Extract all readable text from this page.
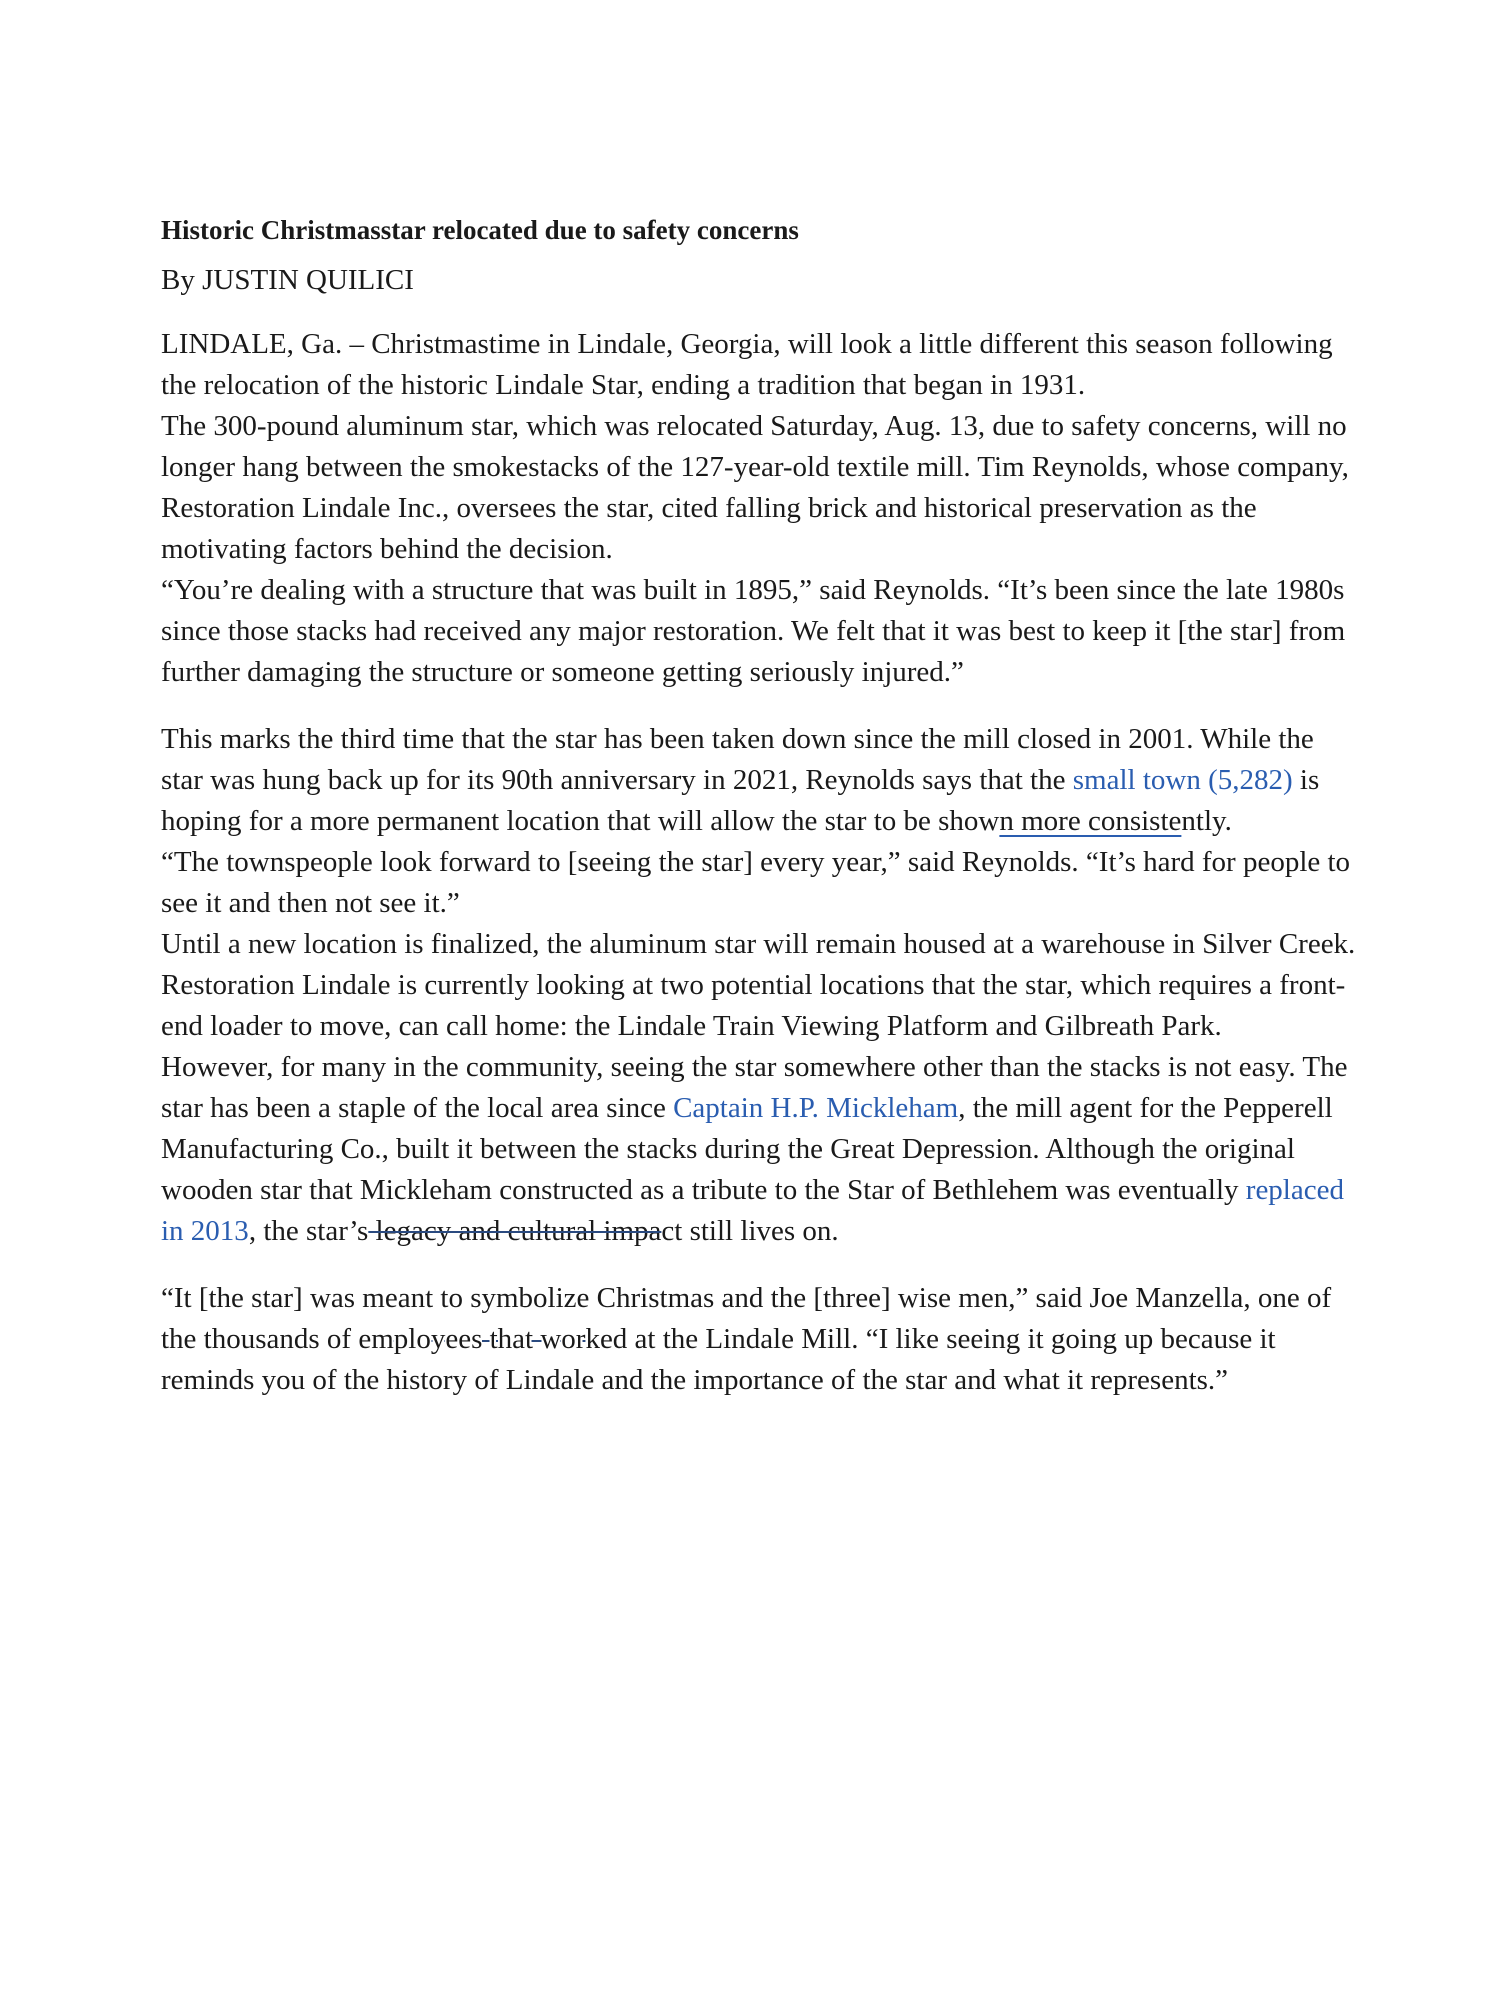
Historic Christmasstar relocated due to safety concerns
By JUSTIN QUILICI

LINDALE, Ga. – Christmastime in Lindale, Georgia, will look a little different this season following the relocation of the historic Lindale Star, ending a tradition that began in 1931.

The 300-pound aluminum star, which was relocated Saturday, Aug. 13, due to safety concerns, will no longer hang between the smokestacks of the 127-year-old textile mill. Tim Reynolds, whose company, Restoration Lindale Inc., oversees the star, cited falling brick and historical preservation as the motivating factors behind the decision.

“You’re dealing with a structure that was built in 1895,” said Reynolds. “It’s been since the late 1980s since those stacks had received any major restoration. We felt that it was best to keep it [the star] from further damaging the structure or someone getting seriously injured.”

This marks the third time that the star has been taken down since the mill closed in 2001. While the star was hung back up for its 90th anniversary in 2021, Reynolds says that the small town (5,282) is hoping for a more permanent location that will allow the star to be shown more consistently.

“The townspeople look forward to [seeing the star] every year,” said Reynolds. “It’s hard for people to see it and then not see it.”

Until a new location is finalized, the aluminum star will remain housed at a warehouse in Silver Creek. Restoration Lindale is currently looking at two potential locations that the star, which requires a front-end loader to move, can call home: the Lindale Train Viewing Platform and Gilbreath Park.

However, for many in the community, seeing the star somewhere other than the stacks is not easy. The star has been a staple of the local area since Captain H.P. Mickleham, the mill agent for the Pepperell Manufacturing Co., built it between the stacks during the Great Depression. Although the original wooden star that Mickleham constructed as a tribute to the Star of Bethlehem was eventually replaced in 2013, the star’s legacy and cultural impact still lives on.

“It [the star] was meant to symbolize Christmas and the [three] wise men,” said Joe Manzella, one of the thousands of employees that worked at the Lindale Mill. “I like seeing it going up because it reminds you of the history of Lindale and the importance of the star and what it represents.”
